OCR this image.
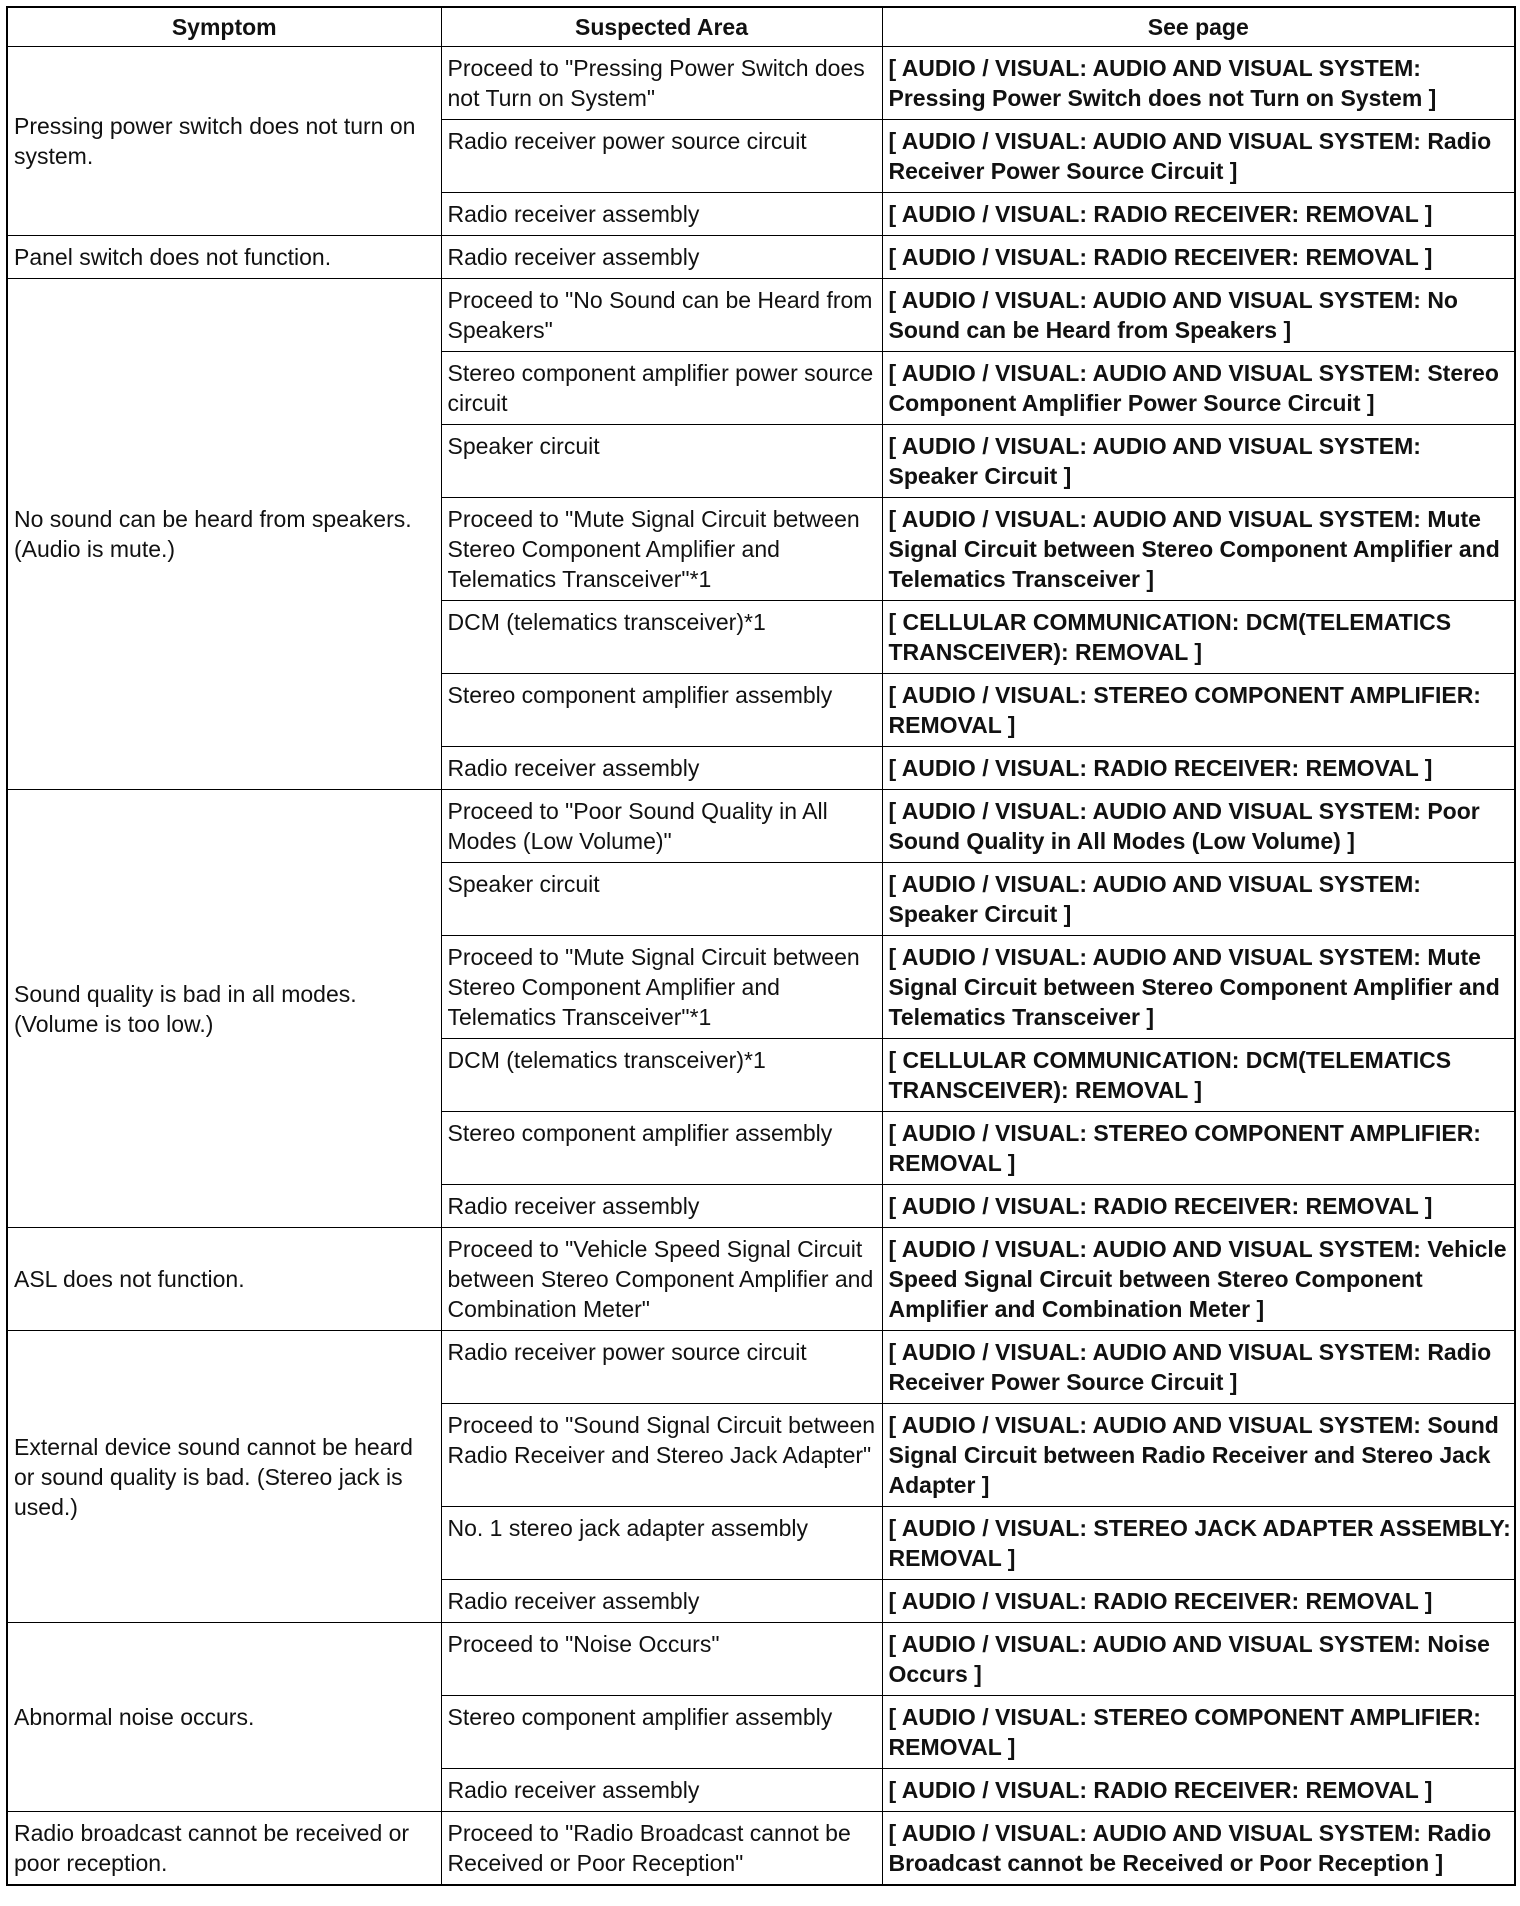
Symptom	Suspected Area	See page
Pressing power switch does not turn on system.	Proceed to "Pressing Power Switch does not Turn on System"	[ AUDIO / VISUAL: AUDIO AND VISUAL SYSTEM: Pressing Power Switch does not Turn on System ]
	Radio receiver power source circuit	[ AUDIO / VISUAL: AUDIO AND VISUAL SYSTEM: Radio Receiver Power Source Circuit ]
	Radio receiver assembly	[ AUDIO / VISUAL: RADIO RECEIVER: REMOVAL ]
Panel switch does not function.	Radio receiver assembly	[ AUDIO / VISUAL: RADIO RECEIVER: REMOVAL ]
No sound can be heard from speakers. (Audio is mute.)	Proceed to "No Sound can be Heard from Speakers"	[ AUDIO / VISUAL: AUDIO AND VISUAL SYSTEM: No Sound can be Heard from Speakers ]
	Stereo component amplifier power source circuit	[ AUDIO / VISUAL: AUDIO AND VISUAL SYSTEM: Stereo Component Amplifier Power Source Circuit ]
	Speaker circuit	[ AUDIO / VISUAL: AUDIO AND VISUAL SYSTEM: Speaker Circuit ]
	Proceed to "Mute Signal Circuit between Stereo Component Amplifier and Telematics Transceiver"*1	[ AUDIO / VISUAL: AUDIO AND VISUAL SYSTEM: Mute Signal Circuit between Stereo Component Amplifier and Telematics Transceiver ]
	DCM (telematics transceiver)*1	[ CELLULAR COMMUNICATION: DCM(TELEMATICS TRANSCEIVER): REMOVAL ]
	Stereo component amplifier assembly	[ AUDIO / VISUAL: STEREO COMPONENT AMPLIFIER: REMOVAL ]
	Radio receiver assembly	[ AUDIO / VISUAL: RADIO RECEIVER: REMOVAL ]
Sound quality is bad in all modes. (Volume is too low.)	Proceed to "Poor Sound Quality in All Modes (Low Volume)"	[ AUDIO / VISUAL: AUDIO AND VISUAL SYSTEM: Poor Sound Quality in All Modes (Low Volume) ]
	Speaker circuit	[ AUDIO / VISUAL: AUDIO AND VISUAL SYSTEM: Speaker Circuit ]
	Proceed to "Mute Signal Circuit between Stereo Component Amplifier and Telematics Transceiver"*1	[ AUDIO / VISUAL: AUDIO AND VISUAL SYSTEM: Mute Signal Circuit between Stereo Component Amplifier and Telematics Transceiver ]
	DCM (telematics transceiver)*1	[ CELLULAR COMMUNICATION: DCM(TELEMATICS TRANSCEIVER): REMOVAL ]
	Stereo component amplifier assembly	[ AUDIO / VISUAL: STEREO COMPONENT AMPLIFIER: REMOVAL ]
	Radio receiver assembly	[ AUDIO / VISUAL: RADIO RECEIVER: REMOVAL ]
ASL does not function.	Proceed to "Vehicle Speed Signal Circuit between Stereo Component Amplifier and Combination Meter"	[ AUDIO / VISUAL: AUDIO AND VISUAL SYSTEM: Vehicle Speed Signal Circuit between Stereo Component Amplifier and Combination Meter ]
External device sound cannot be heard or sound quality is bad. (Stereo jack is used.)	Radio receiver power source circuit	[ AUDIO / VISUAL: AUDIO AND VISUAL SYSTEM: Radio Receiver Power Source Circuit ]
	Proceed to "Sound Signal Circuit between Radio Receiver and Stereo Jack Adapter"	[ AUDIO / VISUAL: AUDIO AND VISUAL SYSTEM: Sound Signal Circuit between Radio Receiver and Stereo Jack Adapter ]
	No. 1 stereo jack adapter assembly	[ AUDIO / VISUAL: STEREO JACK ADAPTER ASSEMBLY: REMOVAL ]
	Radio receiver assembly	[ AUDIO / VISUAL: RADIO RECEIVER: REMOVAL ]
Abnormal noise occurs.	Proceed to "Noise Occurs"	[ AUDIO / VISUAL: AUDIO AND VISUAL SYSTEM: Noise Occurs ]
	Stereo component amplifier assembly	[ AUDIO / VISUAL: STEREO COMPONENT AMPLIFIER: REMOVAL ]
	Radio receiver assembly	[ AUDIO / VISUAL: RADIO RECEIVER: REMOVAL ]
Radio broadcast cannot be received or poor reception.	Proceed to "Radio Broadcast cannot be Received or Poor Reception"	[ AUDIO / VISUAL: AUDIO AND VISUAL SYSTEM: Radio Broadcast cannot be Received or Poor Reception ]
